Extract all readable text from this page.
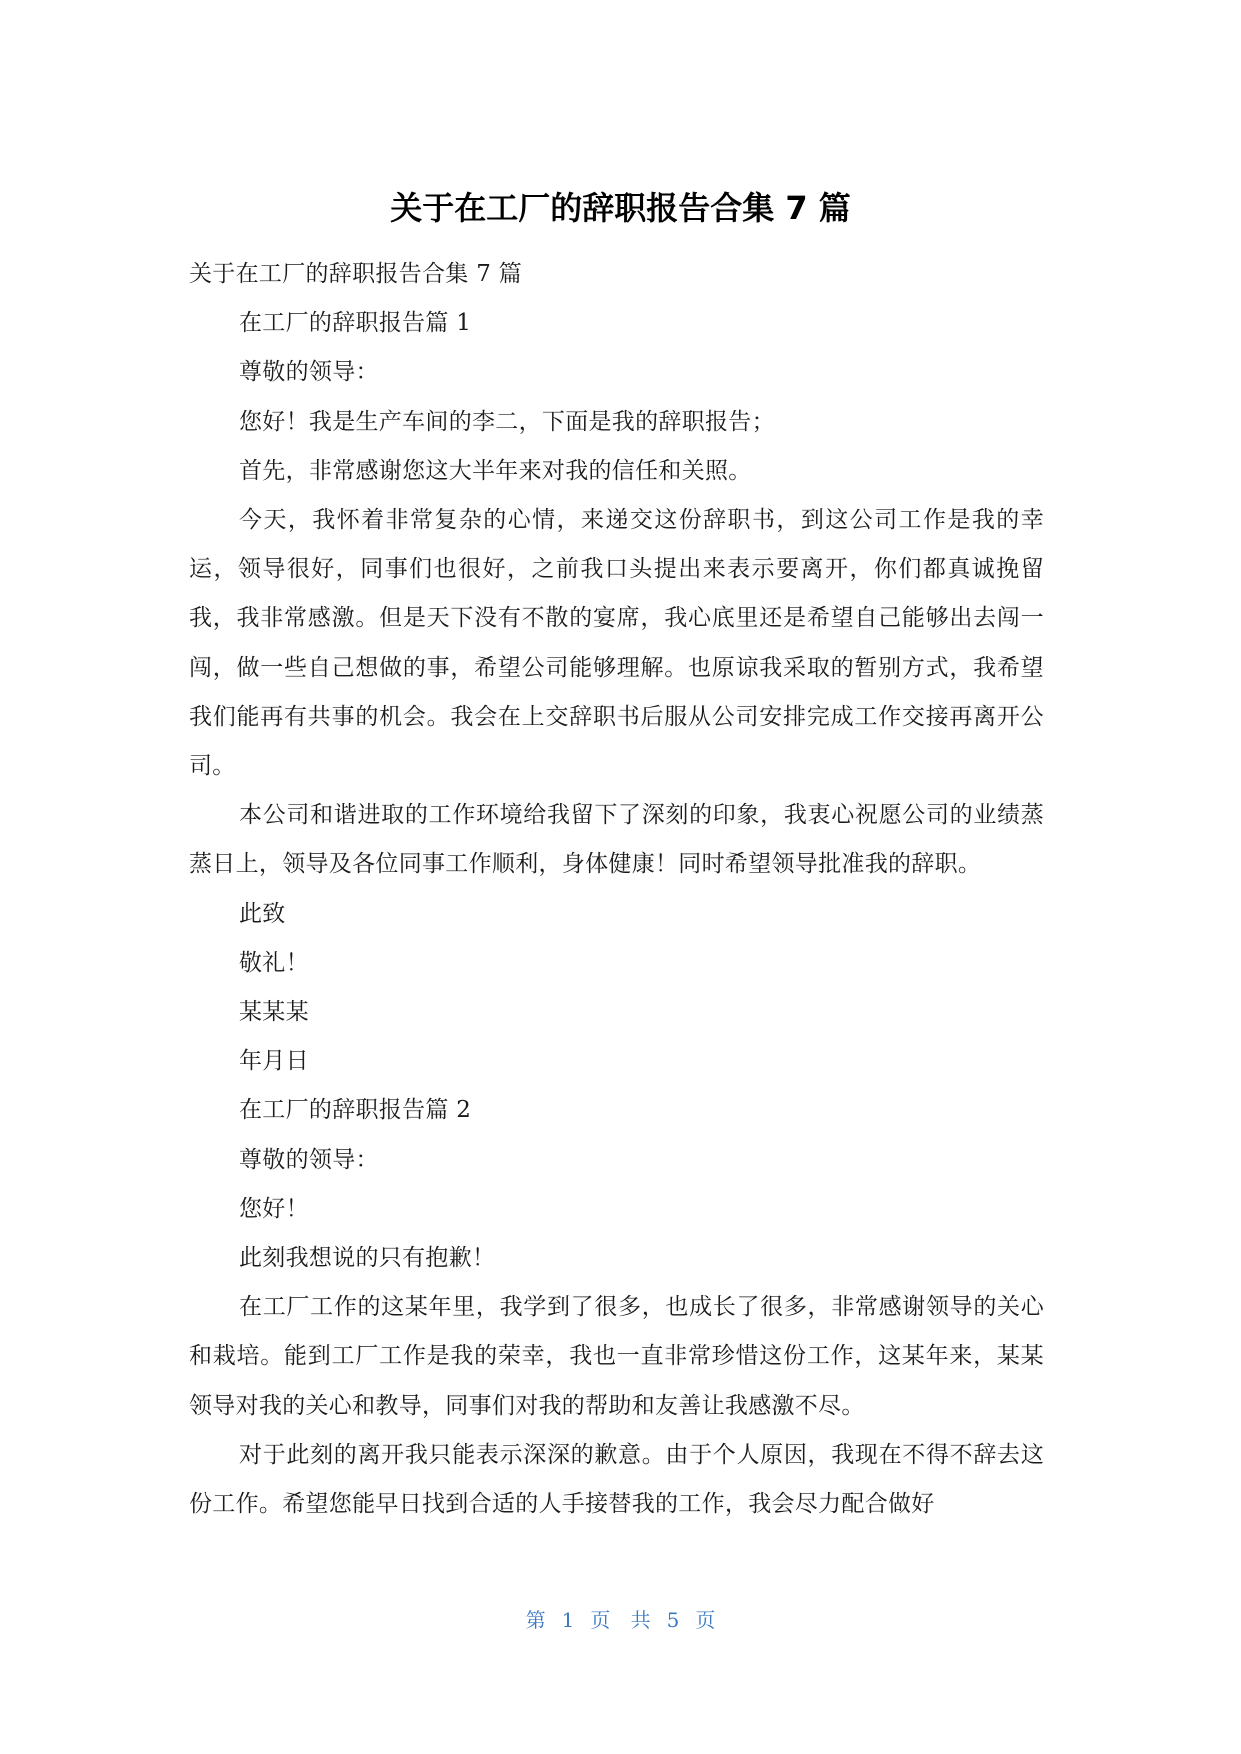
关于在工厂的辞职报告合集 7 篇

关于在工厂的辞职报告合集 7 篇

在工厂的辞职报告篇 1

尊敬的领导：

您好！我是生产车间的李二，下面是我的辞职报告；

首先，非常感谢您这大半年来对我的信任和关照。

今天，我怀着非常复杂的心情，来递交这份辞职书，到这公司工作是我的幸运，领导很好，同事们也很好，之前我口头提出来表示要离开，你们都真诚挽留我，我非常感激。但是天下没有不散的宴席，我心底里还是希望自己能够出去闯一闯，做一些自己想做的事，希望公司能够理解。也原谅我采取的暂别方式，我希望我们能再有共事的机会。我会在上交辞职书后服从公司安排完成工作交接再离开公司。

本公司和谐进取的工作环境给我留下了深刻的印象，我衷心祝愿公司的业绩蒸蒸日上，领导及各位同事工作顺利，身体健康！同时希望领导批准我的辞职。

此致

敬礼！

某某某

年月日

在工厂的辞职报告篇 2

尊敬的领导：

您好！

此刻我想说的只有抱歉！

在工厂工作的这某年里，我学到了很多，也成长了很多，非常感谢领导的关心和栽培。能到工厂工作是我的荣幸，我也一直非常珍惜这份工作，这某年来，某某领导对我的关心和教导，同事们对我的帮助和友善让我感激不尽。

对于此刻的离开我只能表示深深的歉意。由于个人原因，我现在不得不辞去这份工作。希望您能早日找到合适的人手接替我的工作，我会尽力配合做好

第 1 页 共 5 页
